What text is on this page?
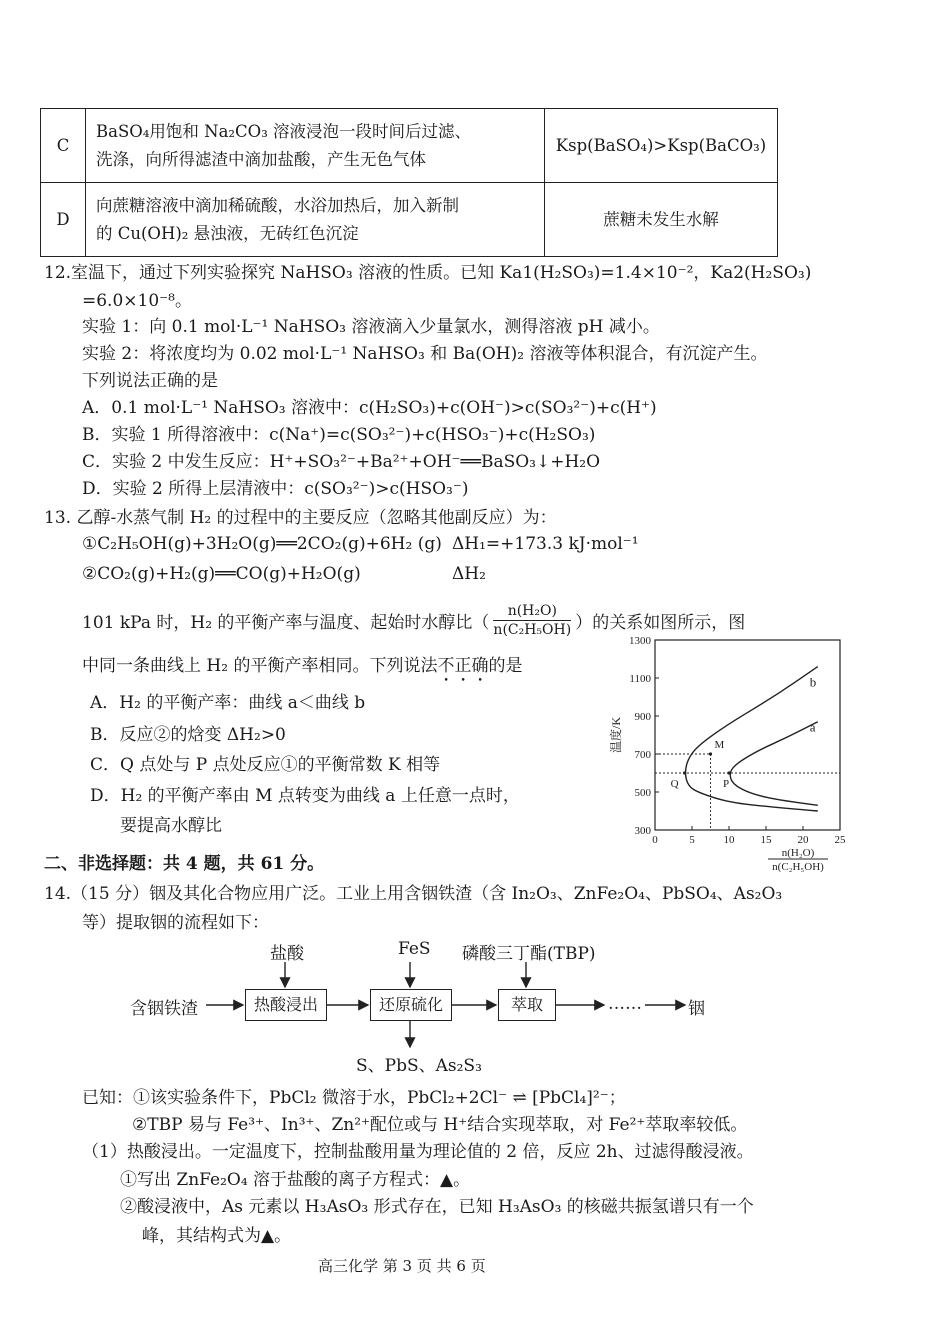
C	BaSO₄用饱和 Na₂CO₃ 溶液浸泡一段时间后过滤、
洗涤，向所得滤渣中滴加盐酸，产生无色气体	Ksp(BaSO₄)>Ksp(BaCO₃)
D	向蔗糖溶液中滴加稀硫酸，水浴加热后，加入新制
的 Cu(OH)₂ 悬浊液，无砖红色沉淀	蔗糖未发生水解
12.室温下，通过下列实验探究 NaHSO₃ 溶液的性质。已知 Ka1(H₂SO₃)=1.4×10⁻²，Ka2(H₂SO₃)
=6.0×10⁻⁸。
实验 1：向 0.1 mol·L⁻¹ NaHSO₃ 溶液滴入少量氯水，测得溶液 pH 减小。
实验 2：将浓度均为 0.02 mol·L⁻¹ NaHSO₃ 和 Ba(OH)₂ 溶液等体积混合，有沉淀产生。
下列说法正确的是
A．0.1 mol·L⁻¹ NaHSO₃ 溶液中：c(H₂SO₃)+c(OH⁻)>c(SO₃²⁻)+c(H⁺)
B．实验 1 所得溶液中：c(Na⁺)=c(SO₃²⁻)+c(HSO₃⁻)+c(H₂SO₃)
C．实验 2 中发生反应：H⁺+SO₃²⁻+Ba²⁺+OH⁻══BaSO₃↓+H₂O
D．实验 2 所得上层清液中：c(SO₃²⁻)>c(HSO₃⁻)
13. 乙醇-水蒸气制 H₂ 的过程中的主要反应（忽略其他副反应）为：
①C₂H₅OH(g)+3H₂O(g)══2CO₂(g)+6H₂ (g) ΔH₁=+173.3 kJ·mol⁻¹
②CO₂(g)+H₂(g)══CO(g)+H₂O(g)	ΔH₂
101 kPa 时，H₂ 的平衡产率与温度、起始时水醇比（ $\frac{\text{n(H₂O)}}{\text{n(C₂H₅OH)}}$ ）的关系如图所示，图
中同一条曲线上 H₂ 的平衡产率相同。下列说法不正确的是
A．H₂ 的平衡产率：曲线 a＜曲线 b
B．反应②的焓变 ΔH₂>0
C．Q 点处与 P 点处反应①的平衡常数 K 相等
D．H₂ 的平衡产率由 M 点转变为曲线 a 上任意一点时，
要提高水醇比	300
500
700
900
1100
1300
0	5	10 15 20 25
温度/K
n(H₂O)
n(C₂H₅OH)
b
a
M
Q	P
二、非选择题：共 4 题，共 61 分。
14.（15 分）铟及其化合物应用广泛。工业上用含铟铁渣（含 In₂O₃、ZnFe₂O₄、PbSO₄、As₂O₃
等）提取铟的流程如下：
盐酸	FeS 磷酸三丁酯(TBP)
含铟铁渣	热酸浸出	还原硫化	萃取	……	铟
S、PbS、As₂S₃
已知：①该实验条件下，PbCl₂ 微溶于水，PbCl₂+2Cl⁻ ⇌ [PbCl₄]²⁻；
②TBP 易与 Fe³⁺、In³⁺、Zn²⁺配位或与 H⁺结合实现萃取，对 Fe²⁺萃取率较低。
（1）热酸浸出。一定温度下，控制盐酸用量为理论值的 2 倍，反应 2h、过滤得酸浸液。
①写出 ZnFe₂O₄ 溶于盐酸的离子方程式：▲。
②酸浸液中，As 元素以 H₃AsO₃ 形式存在，已知 H₃AsO₃ 的核磁共振氢谱只有一个
峰，其结构式为▲。
高三化学 第 3 页 共 6 页
